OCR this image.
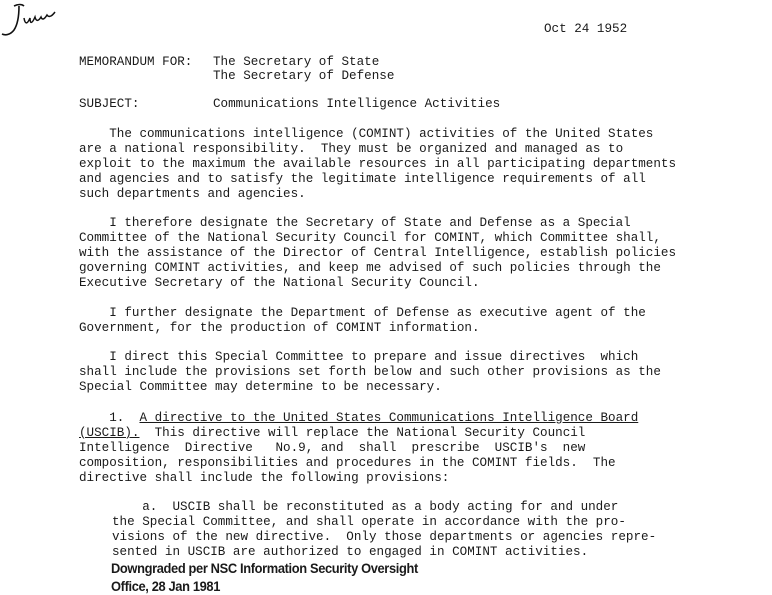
Oct 24 1952
MEMORANDUM FOR: The Secretary of State
The Secretary of Defense
SUBJECT:	Communications Intelligence Activities
The communications intelligence (COMINT) activities of the United States
are a national responsibility.  They must be organized and managed as to
exploit to the maximum the available resources in all participating departments
and agencies and to satisfy the legitimate intelligence requirements of all
such departments and agencies.
I therefore designate the Secretary of State and Defense as a Special
Committee of the National Security Council for COMINT, which Committee shall,
with the assistance of the Director of Central Intelligence, establish policies
governing COMINT activities, and keep me advised of such policies through the
Executive Secretary of the National Security Council.
I further designate the Department of Defense as executive agent of the
Government, for the production of COMINT information.
I direct this Special Committee to prepare and issue directives  which
shall include the provisions set forth below and such other provisions as the
Special Committee may determine to be necessary.
1.  A directive to the United States Communications Intelligence Board
(USCIB).  This directive will replace the National Security Council
Intelligence  Directive   No.9, and  shall  prescribe  USCIB's  new
composition, responsibilities and procedures in the COMINT fields.  The
directive shall include the following provisions:
a.  USCIB shall be reconstituted as a body acting for and under
the Special Committee, and shall operate in accordance with the pro-
visions of the new directive.  Only those departments or agencies repre-
sented in USCIB are authorized to engaged in COMINT activities.
Downgraded per NSC Information Security Oversight
Office, 28 Jan 1981
